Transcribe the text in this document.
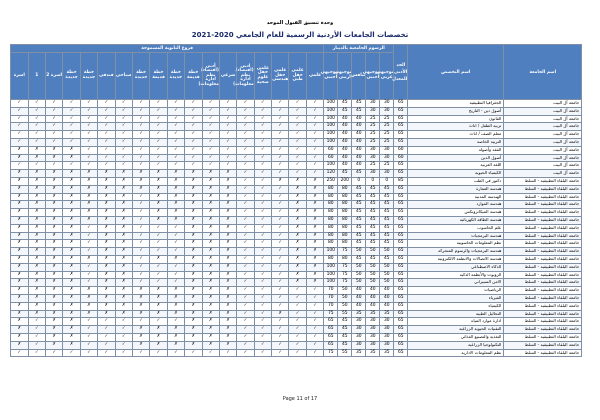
وحدة تنسيق القبول الموحد
تخصصات الجامعات الأردنية الرسمية للعام الجامعي 2020-2021
اسم الجامعة	اسم التخصص	الحد الأدنى للمعدل	الرسوم الجامعية بالدينار					فروع الثانوية المسموحة																	
			توجيهي عربي	توجيهي اجنبي	تنافس	توجيهي ارنبي	توجيهي اجنبي	علمي	علمي حقل طبي	علمي حقل هندسي	علمي حقل علوم صحية	ادبي (اقتصاد/نظم ادارة معلومات)	شرعي	أدبي (اقتصاد/نظم ادارة معلومات)	خطة قديمة	خطة جديدة	خطة قديمة	خطة جديدة	سياحي	فندقي	خطة جديدة	خطة جديدة	اسرة 2	1	اسرة
جامعة آل البيت	الجغرافيا التطبيقية	65	30	30	45	45	100	✓	✓	✓	✓	✓	✓	✓	✓	✓	✓	✓	✓	✓	✓	✓	✓	✓	✓
جامعة آل البيت	أصول دين - التاريخ	65	30	30	45	45	100	✓	✓	✓	✓	✓	✓	✓	✓	✓	✓	✓	✓	✓	✓	✓	✓	✓	✓
جامعة آل البيت	القانون	65	25	25	40	40	100	✓	✓	✓	✓	✓	✓	✓	✓	✓	✓	✓	✓	✓	✓	✓	✓	✓	✓
جامعة آل البيت	تربية الطفل / اناث	65	25	25	40	40	100	✓	✓	✓	✓	✓	✓	✓	✓	✓	✓	✓	✓	✓	✓	✓	✓	✓	✓
جامعة آل البيت	معلم الصف / اناث	65	25	25	40	40	100	✓	✓	✓	✓	✓	✓	✓	✓	✓	✓	✓	✓	✓	✓	✓	✓	✓	✓
جامعة آل البيت	التربية الخاصة	65	25	25	40	40	100	✓	✓	✓	✓	✓	✓	✓	✓	✓	✓	✓	✓	✓	✓	✓	✓	✓	✓
جامعة آل البيت	الفقه وأصوله	60	30	30	40	40	60	✓	✓	✓	✓	✓	✓	✓	✓	✓	✓	✓	✓	✓	✓	✗	✗	✗	✗
جامعة آل البيت	أصول الدين	60	30	30	40	40	60	✓	✓	✓	✓	✓	✓	✓	✓	✓	✓	✓	✓	✓	✓	✗	✗	✗	✗
جامعة آل البيت	اللغة العربية	65	25	25	40	40	100	✓	✓	✓	✓	✓	✓	✓	✓	✓	✓	✓	✓	✓	✓	✓	✓	✓	✓
جامعة آل البيت	الكيمياء الحيوية	65	30	30	45	45	120	✓	✓	✓	✓	✓	✗	✗	✗	✗	✗	✗	✗	✗	✗	✗	✗	✗	✗
جامعة البلقاء التطبيقية - السلط	دكتور في الطب	85	0	0	0	200	250	✗	✗	✗	✓	✓	✗	✗	✗	✗	✗	✗	✗	✗	✗	✗	✗	✗	✗
جامعة البلقاء التطبيقية - السلط	هندسة العمارة	65	45	45	45	80	80	✗	✗	✓	✓	✓	✗	✗	✗	✗	✗	✗	✗	✗	✗	✗	✗	✗	✗
جامعة البلقاء التطبيقية - السلط	الهندسة المدنية	65	45	45	45	80	80	✗	✗	✓	✓	✓	✗	✗	✗	✗	✗	✓	✗	✗	✗	✗	✗	✗	✗
جامعة البلقاء التطبيقية - السلط	هندسة الموارد	65	45	45	45	80	80	✗	✗	✓	✓	✓	✗	✗	✗	✗	✗	✓	✗	✗	✗	✗	✗	✗	✗
جامعة البلقاء التطبيقية - السلط	هندسة الميكاترونكس	65	45	45	45	80	80	✗	✗	✓	✓	✓	✗	✗	✗	✗	✗	✓	✗	✗	✗	✗	✗	✗	✗
جامعة البلقاء التطبيقية - السلط	هندسة الطاقة الكهربائية	65	45	45	45	80	80	✗	✗	✓	✓	✓	✗	✗	✗	✗	✗	✓	✗	✗	✗	✗	✗	✗	✗
جامعة البلقاء التطبيقية - السلط	علم الحاسوب	65	45	45	45	80	80	✗	✗	✓	✓	✓	✗	✗	✗	✓	✓	✓	✗	✗	✓	✗	✗	✗	✗
جامعة البلقاء التطبيقية - السلط	هندسة البرمجيات	65	45	45	45	80	80	✗	✗	✓	✓	✓	✗	✗	✗	✓	✓	✓	✗	✗	✓	✗	✗	✗	✗
جامعة البلقاء التطبيقية - السلط	نظم المعلومات الحاسوبية	65	45	45	45	80	80	✗	✗	✓	✓	✓	✗	✗	✗	✓	✓	✓	✗	✗	✓	✗	✗	✗	✗
جامعة البلقاء التطبيقية - السلط	هندسة البرمجيات والرسوم المتحركة	65	50	50	50	75	100	✗	✗	✓	✓	✓	✗	✗	✗	✓	✓	✓	✗	✗	✓	✗	✗	✗	✗
جامعة البلقاء التطبيقية - السلط	هندسة الاتصالات والانظمة الالكترونية	65	45	45	45	80	80	✗	✗	✓	✓	✓	✗	✗	✗	✗	✗	✓	✗	✗	✗	✗	✗	✗	✗
جامعة البلقاء التطبيقية - السلط	الذكاء الاصطناعي	65	50	50	50	75	100	✗	✗	✓	✓	✓	✗	✗	✗	✓	✓	✓	✗	✗	✓	✗	✗	✗	✗
جامعة البلقاء التطبيقية - السلط	الروبوت والأنظمة الذكية	65	50	50	50	75	100	✗	✗	✓	✓	✓	✗	✗	✗	✓	✓	✓	✗	✗	✓	✗	✗	✗	✗
جامعة البلقاء التطبيقية - السلط	الامن السيبراني	65	50	50	50	75	100	✗	✗	✓	✓	✓	✗	✗	✗	✓	✓	✓	✗	✗	✓	✗	✗	✗	✗
جامعة البلقاء التطبيقية - السلط	الرياضيات	65	40	40	40	50	70	✓	✓	✓	✓	✓	✗	✗	✗	✗	✗	✗	✗	✗	✗	✗	✗	✗	✗
جامعة البلقاء التطبيقية - السلط	الفيزياء	65	40	40	40	50	70	✓	✓	✓	✓	✓	✗	✗	✗	✗	✗	✗	✗	✗	✗	✗	✗	✗	✗
جامعة البلقاء التطبيقية - السلط	الكيمياء	65	40	40	40	50	70	✓	✓	✓	✓	✓	✗	✗	✗	✗	✗	✗	✗	✗	✗	✗	✗	✗	✗
جامعة البلقاء التطبيقية - السلط	التحاليل الطبية	65	35	35	35	55	75	✓	✓	✗	✓	✓	✗	✗	✗	✗	✗	✗	✗	✗	✗	✗	✗	✗	✗
جامعة البلقاء التطبيقية - السلط	ادارة موارد المياه	65	30	30	30	45	65	✓	✓	✓	✓	✓	✗	✗	✗	✓	✓	✓	✓	✓	✓	✗	✗	✓	✗
جامعة البلقاء التطبيقية - السلط	التقنيات الحيوية الزراعية	65	30	30	30	45	65	✓	✓	✓	✓	✓	✗	✗	✗	✗	✗	✗	✓	✓	✓	✗	✗	✓	✗
جامعة البلقاء التطبيقية - السلط	التغذية والتصنيع الغذائي	65	30	30	30	45	65	✓	✓	✓	✓	✓	✗	✗	✗	✗	✗	✗	✓	✓	✓	✗	✗	✓	✗
جامعة البلقاء التطبيقية - السلط	التكنولوجيا الزراعية	65	30	30	30	45	65	✓	✓	✓	✓	✓	✗	✗	✗	✗	✗	✗	✓	✓	✓	✗	✗	✓	✗
جامعة البلقاء التطبيقية - السلط	نظم المعلومات الادارية	65	35	35	35	55	75	✓	✓	✓	✓	✓	✓	✓	✓	✓	✓	✓	✓	✓	✓	✓	✓	✓	✓
Page 11 of 17
